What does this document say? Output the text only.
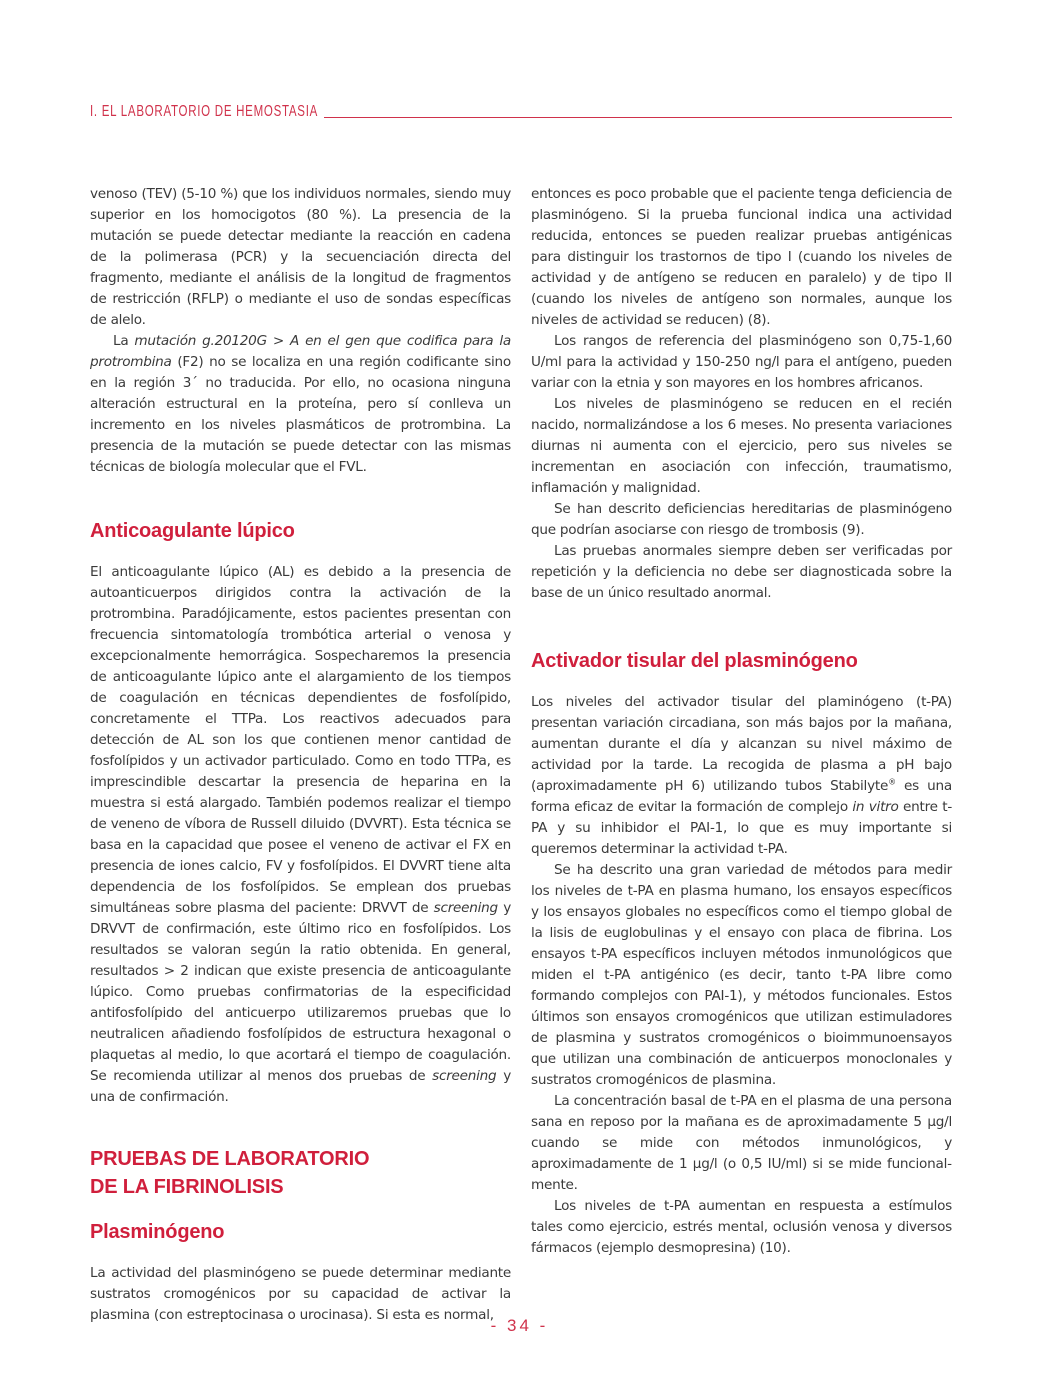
I. EL LABORATORIO DE HEMOSTASIA

venoso (TEV) (5-10 %) que los individuos normales, siendo muy superior en los homocigotos (80 %). La presencia de la mutación se puede detectar mediante la reacción en cadena de la polimerasa (PCR) y la secuenciación directa del fragmento, mediante el análisis de la longitud de fragmentos de restricción (RFLP) o mediante el uso de sondas específicas de alelo.

La mutación g.20120G > A en el gen que codifica para la protrombina (F2) no se localiza en una región codificante sino en la región 3´ no traducida. Por ello, no ocasiona ninguna alteración estructural en la proteína, pero sí conlleva un incremento en los niveles plasmáticos de protrombina. La presencia de la mutación se puede detectar con las mismas técnicas de biología molecular que el FVL.

Anticoagulante lúpico

El anticoagulante lúpico (AL) es debido a la presencia de autoanticuerpos dirigidos contra la activación de la protrombina. Paradójicamente, estos pacientes presentan con frecuencia sintomatología trombótica arterial o venosa y excepcionalmente hemorrágica. Sospecharemos la presencia de anticoagulante lúpico ante el alargamiento de los tiempos de coagulación en técnicas dependientes de fosfolípido, concretamente el TTPa. Los reactivos adecuados para detección de AL son los que contienen menor cantidad de fosfolípidos y un activador particulado. Como en todo TTPa, es imprescindible descartar la presencia de heparina en la muestra si está alargado. También podemos realizar el tiempo de veneno de víbora de Russell diluido (DVVRT). Esta técnica se basa en la capacidad que posee el veneno de activar el FX en presencia de iones calcio, FV y fosfolípidos. El DVVRT tiene alta dependencia de los fosfolípidos. Se emplean dos pruebas simultáneas sobre plasma del paciente: DRVVT de screening y DRVVT de confirmación, este último rico en fosfolípidos. Los resultados se valoran según la ratio obtenida. En general, resultados > 2 indican que existe presencia de anticoagulante lúpico. Como pruebas confirmatorias de la especificidad antifosfolípido del anticuerpo utilizaremos pruebas que lo neutralicen añadiendo fosfolípidos de estructura hexagonal o plaquetas al medio, lo que acortará el tiempo de coagulación. Se recomienda utilizar al menos dos pruebas de screening y una de confirmación.

PRUEBAS DE LABORATORIO
DE LA FIBRINOLISIS
Plasminógeno

La actividad del plasminógeno se puede determinar mediante sustratos cromogénicos por su capacidad de activar la plasmina (con estreptocinasa o urocinasa). Si esta es normal,

entonces es poco probable que el paciente tenga deficiencia de plasminógeno. Si la prueba funcional indica una actividad reducida, entonces se pueden realizar pruebas antigénicas para distinguir los trastornos de tipo I (cuando los niveles de actividad y de antígeno se reducen en paralelo) y de tipo II (cuando los niveles de antígeno son normales, aunque los niveles de actividad se reducen) (8).

Los rangos de referencia del plasminógeno son 0,75-1,60 U/ml para la actividad y 150-250 ng/l para el antígeno, pueden variar con la etnia y son mayores en los hombres africanos.

Los niveles de plasminógeno se reducen en el recién nacido, normalizándose a los 6 meses. No presenta variaciones diurnas ni aumenta con el ejercicio, pero sus niveles se incrementan en asociación con infección, traumatismo, inflamación y malignidad.

Se han descrito deficiencias hereditarias de plasminógeno que podrían asociarse con riesgo de trombosis (9).

Las pruebas anormales siempre deben ser verificadas por repetición y la deficiencia no debe ser diagnosticada sobre la base de un único resultado anormal.

Activador tisular del plasminógeno

Los niveles del activador tisular del plaminógeno (t-PA) presentan variación circadiana, son más bajos por la mañana, aumentan durante el día y alcanzan su nivel máximo de actividad por la tarde. La recogida de plasma a pH bajo (aproximadamente pH 6) utilizando tubos Stabilyte® es una forma eficaz de evitar la formación de complejo in vitro entre t-PA y su inhibidor el PAI-1, lo que es muy importante si queremos determinar la actividad t-PA.

Se ha descrito una gran variedad de métodos para medir los niveles de t-PA en plasma humano, los ensayos específicos y los ensayos globales no específicos como el tiempo global de la lisis de euglobulinas y el ensayo con placa de fibrina. Los ensayos t-PA específicos incluyen métodos inmunológicos que miden el t-PA antigénico (es decir, tanto t-PA libre como formando complejos con PAI-1), y métodos funcionales. Estos últimos son ensayos cromogénicos que utilizan estimuladores de plasmina y sustratos cromogénicos o bioimmunoensayos que utilizan una combinación de anticuerpos monoclonales y sustratos cromogénicos de plasmina.

La concentración basal de t-PA en el plasma de una persona sana en reposo por la mañana es de aproximadamente 5 µg/l cuando se mide con métodos inmunológicos, y aproximadamente de 1 µg/l (o 0,5 IU/ml) si se mide funcionalmente.

Los niveles de t-PA aumentan en respuesta a estímulos tales como ejercicio, estrés mental, oclusión venosa y diversos fármacos (ejemplo desmopresina) (10).

- 34 -
